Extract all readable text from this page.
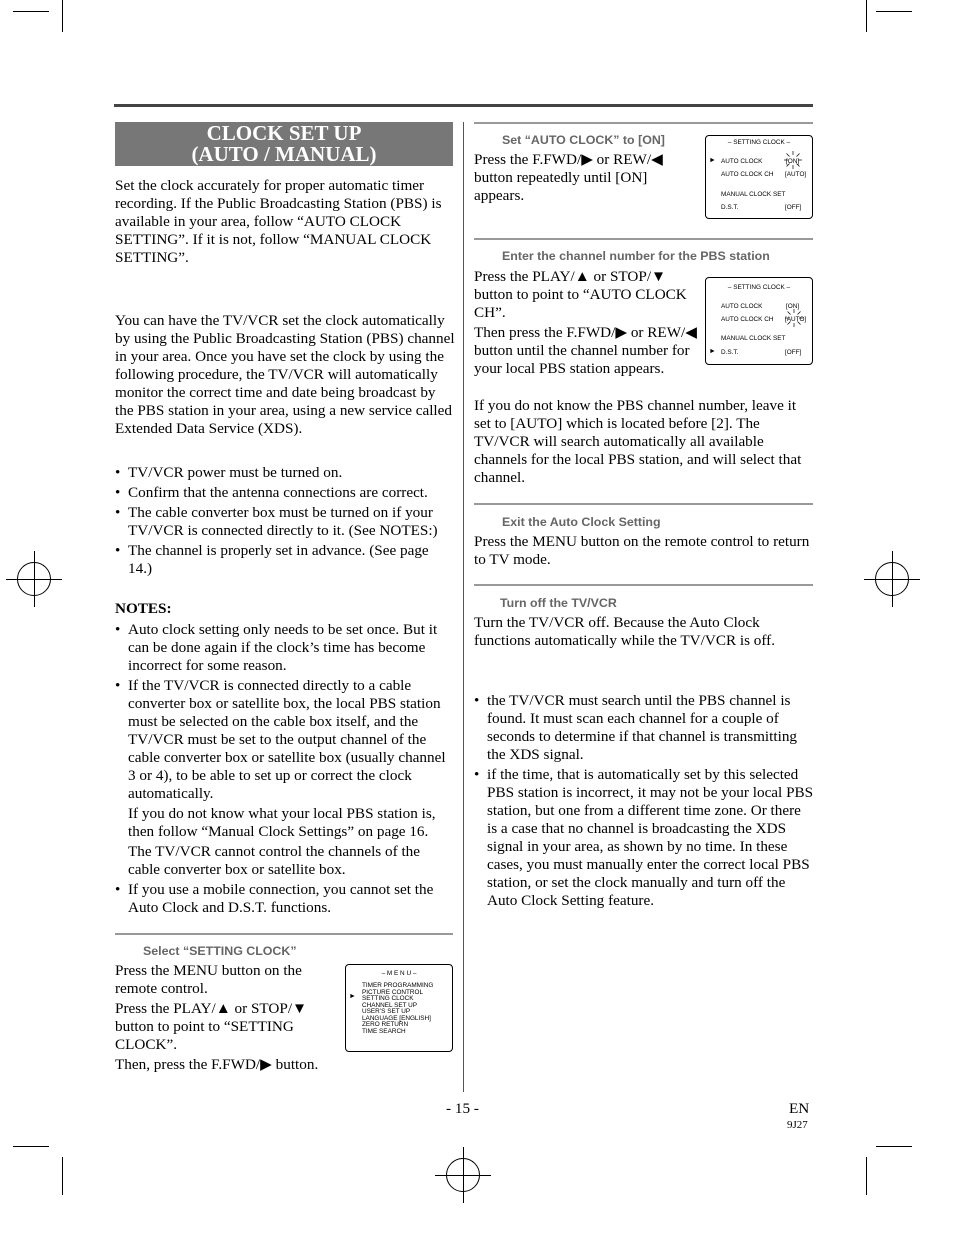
CLOCK SET UP
(AUTO / MANUAL)

Set the clock accurately for proper automatic timer recording. If the Public Broadcasting Station (PBS) is available in your area, follow “AUTO CLOCK SETTING”. If it is not, follow “MANUAL CLOCK SETTING”.

You can have the TV/VCR set the clock automatically by using the Public Broadcasting Station (PBS) channel in your area. Once you have set the clock by using the following procedure, the TV/VCR will automatically monitor the correct time and date being broadcast by the PBS station in your area, using a new service called Extended Data Service (XDS).

• TV/VCR power must be turned on.
• Confirm that the antenna connections are correct.
• The cable converter box must be turned on if your TV/VCR is connected directly to it. (See NOTES:)
• The channel is properly set in advance. (See page 14.)
NOTES:
• Auto clock setting only needs to be set once. But it can be done again if the clock’s time has become incorrect for some reason.
• If the TV/VCR is connected directly to a cable converter box or satellite box, the local PBS station must be selected on the cable box itself, and the TV/VCR must be set to the output channel of the cable converter box or satellite box (usually channel 3 or 4), to be able to set up or correct the clock automatically.
If you do not know what your local PBS station is, then follow “Manual Clock Settings” on page 16.
The TV/VCR cannot control the channels of the cable converter box or satellite box.
• If you use a mobile connection, you cannot set the Auto Clock and D.S.T. functions.
Select “SETTING CLOCK”

Press the MENU button on the remote control.

Press the PLAY/▲ or STOP/▼ button to point to “SETTING CLOCK”.

Then, press the F.FWD/▶ button.

– M E N U –
►
TIMER PROGRAMMING
PICTURE CONTROL
SETTING CLOCK
CHANNEL SET UP
USER’S SET UP
LANGUAGE [ENGLISH]
ZERO RETURN
TIME SEARCH
Set “AUTO CLOCK” to [ON]

Press the F.FWD/▶ or REW/◀ button repeatedly until [ON] appears.

– SETTING CLOCK –
► AUTO CLOCK	[ON]
AUTO CLOCK CH [AUTO]
MANUAL CLOCK SET
D.S.T.	[OFF]
Enter the channel number for the PBS station

Press the PLAY/▲ or STOP/▼ button to point to “AUTO CLOCK CH”.

Then press the F.FWD/▶ or REW/◀ button until the channel number for your local PBS station appears.

If you do not know the PBS channel number, leave it set to [AUTO] which is located before [2]. The TV/VCR will search automatically all available channels for the local PBS station, and will select that channel.

– SETTING CLOCK –
AUTO CLOCK	[ON]
AUTO CLOCK CH [AUTO]
MANUAL CLOCK SET
► D.S.T.	[OFF]
Exit the Auto Clock Setting

Press the MENU button on the remote control to return to TV mode.

Turn off the TV/VCR

Turn the TV/VCR off. Because the Auto Clock functions automatically while the TV/VCR is off.

• the TV/VCR must search until the PBS channel is found. It must scan each channel for a couple of seconds to determine if that channel is transmitting the XDS signal.
• if the time, that is automatically set by this selected PBS station is incorrect, it may not be your local PBS station, but one from a different time zone. Or there is a case that no channel is broadcasting the XDS signal in your area, as shown by no time. In these cases, you must manually enter the correct local PBS station, or set the clock manually and turn off the Auto Clock Setting feature.
- 15 -	EN
9J27
